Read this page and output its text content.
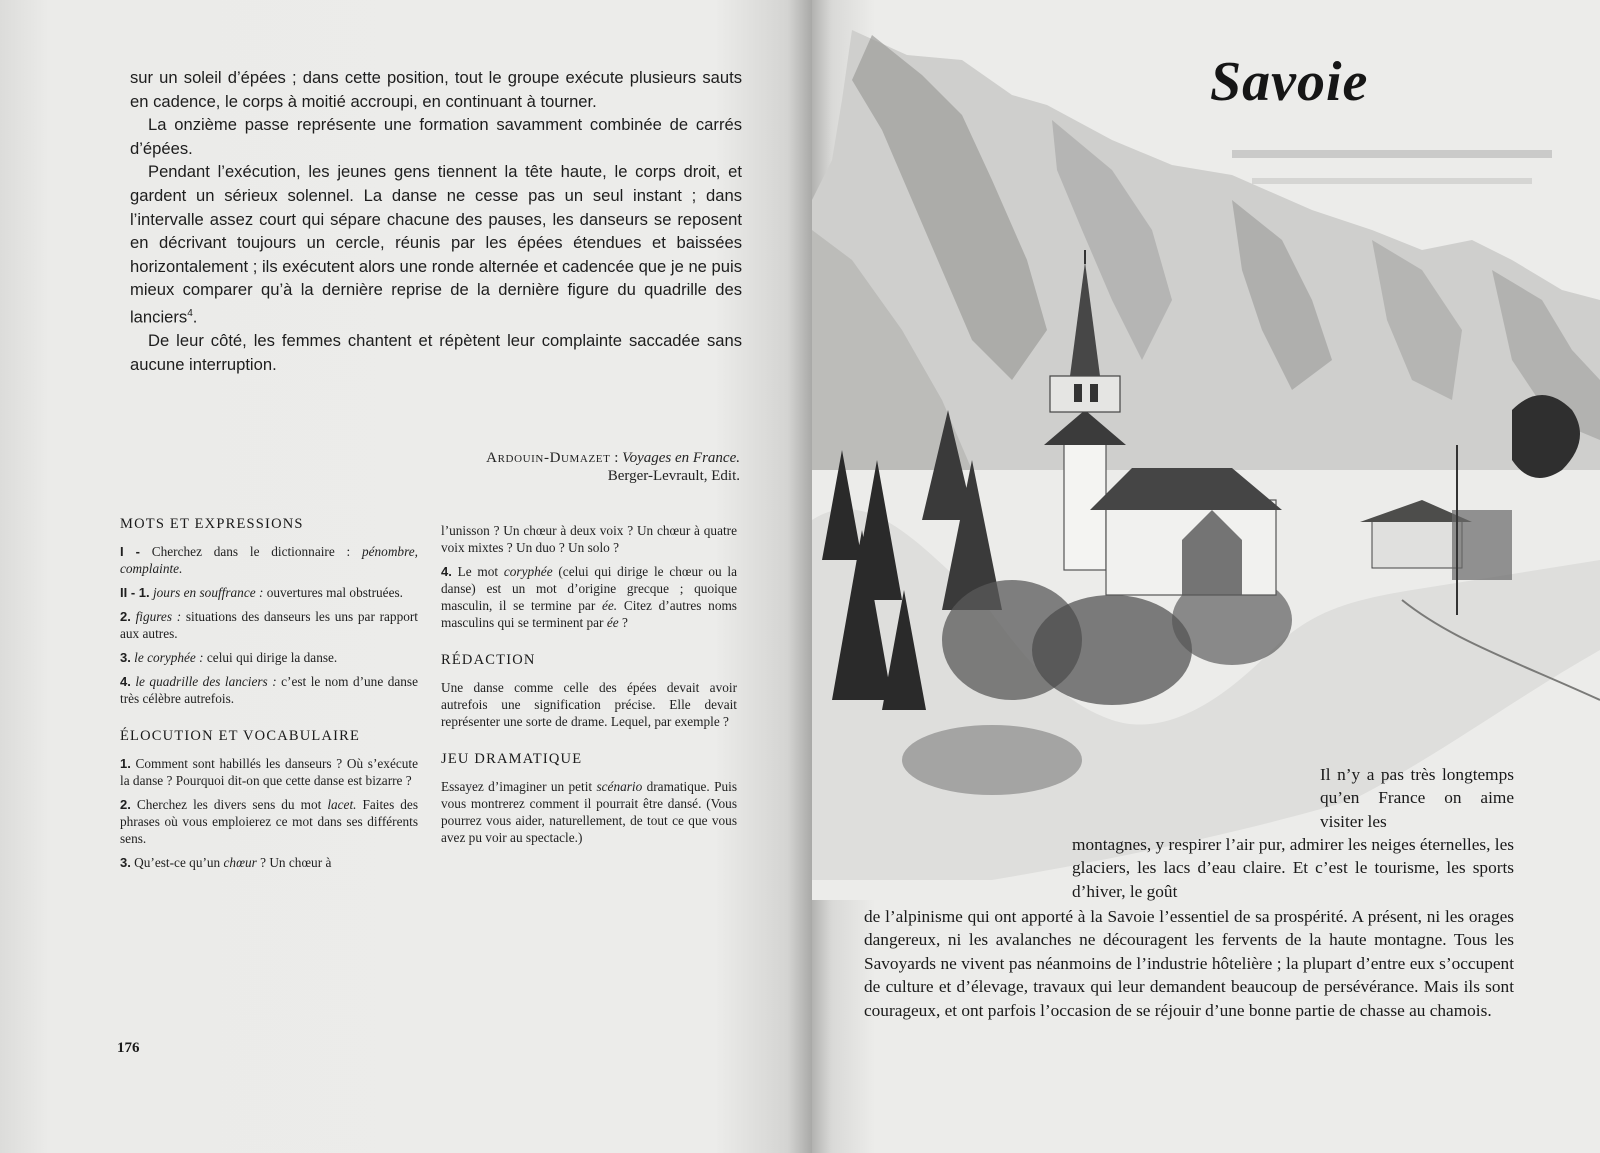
sur un soleil d’épées ; dans cette position, tout le groupe exécute plusieurs sauts en cadence, le corps à moitié accroupi, en continuant à tourner.

La onzième passe représente une formation savamment combinée de carrés d’épées.

Pendant l’exécution, les jeunes gens tiennent la tête haute, le corps droit, et gardent un sérieux solennel. La danse ne cesse pas un seul instant ; dans l’intervalle assez court qui sépare chacune des pauses, les danseurs se reposent en décrivant toujours un cercle, réunis par les épées étendues et baissées horizontalement ; ils exécutent alors une ronde alternée et cadencée que je ne puis mieux comparer qu’à la dernière reprise de la dernière figure du quadrille des lanciers$^4$.

De leur côté, les femmes chantent et répètent leur complainte saccadée sans aucune interruption.

Ardouin-Dumazet : Voyages en France.
Berger-Levrault, Edit.
MOTS ET EXPRESSIONS

I - Cherchez dans le dictionnaire : pénombre, complainte.

II - 1. jours en souffrance : ouvertures mal obstruées.

2. figures : situations des danseurs les uns par rapport aux autres.

3. le coryphée : celui qui dirige la danse.

4. le quadrille des lanciers : c’est le nom d’une danse très célèbre autrefois.

ÉLOCUTION ET VOCABULAIRE

1. Comment sont habillés les danseurs ? Où s’exécute la danse ? Pourquoi dit-on que cette danse est bizarre ?

2. Cherchez les divers sens du mot lacet. Faites des phrases où vous emploierez ce mot dans ses différents sens.

3. Qu’est-ce qu’un chœur ? Un chœur à

l’unisson ? Un chœur à deux voix ? Un chœur à quatre voix mixtes ? Un duo ? Un solo ?

4. Le mot coryphée (celui qui dirige le chœur ou la danse) est un mot d’origine grecque ; quoique masculin, il se termine par ée. Citez d’autres noms masculins qui se terminent par ée ?

RÉDACTION

Une danse comme celle des épées devait avoir autrefois une signification précise. Elle devait représenter une sorte de drame. Lequel, par exemple ?

JEU DRAMATIQUE

Essayez d’imaginer un petit scénario dramatique. Puis vous montrerez comment il pourrait être dansé. (Vous pourrez vous aider, naturellement, de tout ce que vous avez pu voir au spectacle.)

176
Savoie

Il n’y a pas très longtemps qu’en France on aime visiter les

montagnes, y respirer l’air pur, admirer les neiges éternelles, les glaciers, les lacs d’eau claire. Et c’est le tourisme, les sports d’hiver, le goût

de l’alpinisme qui ont apporté à la Savoie l’essentiel de sa prospérité. A présent, ni les orages dangereux, ni les avalanches ne découragent les fervents de la haute montagne. Tous les Savoyards ne vivent pas néanmoins de l’industrie hôtelière ; la plupart d’entre eux s’occupent de culture et d’élevage, travaux qui leur demandent beaucoup de persévérance. Mais ils sont courageux, et ont parfois l’occasion de se réjouir d’une bonne partie de chasse au chamois.
